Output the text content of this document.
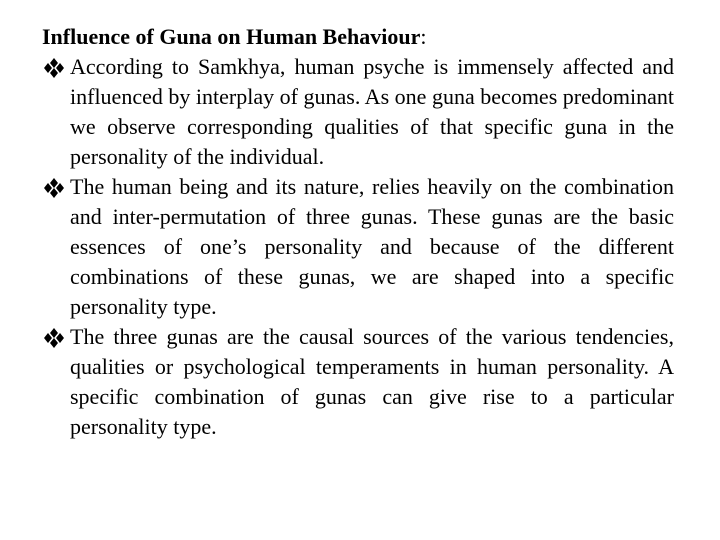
Influence of Guna on Human Behaviour:
According to Samkhya, human psyche is immensely affected and influenced by interplay of gunas. As one guna becomes predominant we observe corresponding qualities of that specific guna in the personality of the individual.
The human being and its nature, relies heavily on the combination and inter-permutation of three gunas. These gunas are the basic essences of one’s personality and because of the different combinations of these gunas, we are shaped into a specific personality type.
The three gunas are the causal sources of the various tendencies, qualities or psychological temperaments in human personality. A specific combination of gunas can give rise to a particular personality type.
